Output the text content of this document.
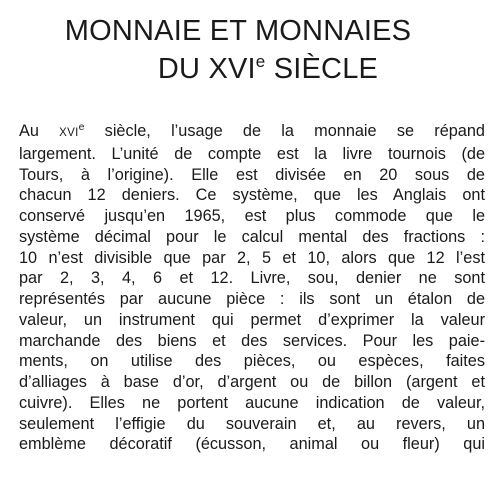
MONNAIE ET MONNAIES
DU XVIe SIÈCLE
Au XVIe siècle, l’usage de la monnaie se répand
largement. L’unité de compte est la livre tournois (de
Tours, à l’origine). Elle est divisée en 20 sous de
chacun 12 deniers. Ce système, que les Anglais ont
conservé jusqu’en 1965, est plus commode que le
système décimal pour le calcul mental des fractions :
10 n’est divisible que par 2, 5 et 10, alors que 12 l’est
par 2, 3, 4, 6 et 12. Livre, sou, denier ne sont
représentés par aucune pièce : ils sont un étalon de
valeur, un instrument qui permet d’exprimer la valeur
marchande des biens et des services. Pour les paie-
ments, on utilise des pièces, ou espèces, faites
d’alliages à base d’or, d’argent ou de billon (argent et
cuivre). Elles ne portent aucune indication de valeur,
seulement l’effigie du souverain et, au revers, un
emblème décoratif (écusson, animal ou fleur) qui
